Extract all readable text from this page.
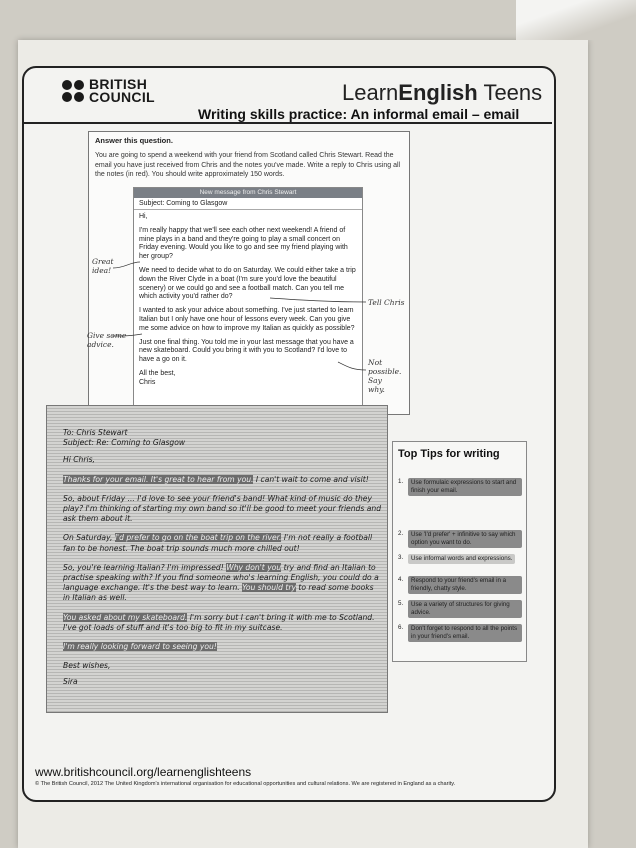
BRITISH
COUNCIL	LearnEnglish Teens
Writing skills practice: An informal email – email
Answer this question.
You are going to spend a weekend with your friend from Scotland called Chris Stewart. Read the email you have just received from Chris and the notes you've made. Write a reply to Chris using all the notes (in red). You should write approximately 150 words.
New message from Chris Stewart
Subject: Coming to Glasgow

Hi,

I'm really happy that we'll see each other next weekend! A friend of mine plays in a band and they're going to play a small concert on Friday evening. Would you like to go and see my friend playing with her group?

We need to decide what to do on Saturday. We could either take a trip down the River Clyde in a boat (I'm sure you'd love the beautiful scenery) or we could go and see a football match. Can you tell me which activity you'd rather do?

I wanted to ask your advice about something. I've just started to learn Italian but I only have one hour of lessons every week. Can you give me some advice on how to improve my Italian as quickly as possible?

Just one final thing. You told me in your last message that you have a new skateboard. Could you bring it with you to Scotland? I'd love to have a go on it.

All the best,

Chris

Great idea!
Tell Chris
Give some advice.
Not possible. Say why.
To: Chris Stewart
Subject: Re: Coming to Glasgow

Hi Chris,

Thanks for your email. It's great to hear from you. I can't wait to come and visit!

So, about Friday ... I'd love to see your friend's band! What kind of music do they play? I'm thinking of starting my own band so it'll be good to meet your friends and ask them about it.

On Saturday, I'd prefer to go on the boat trip on the river. I'm not really a football fan to be honest. The boat trip sounds much more chilled out!

So, you're learning Italian? I'm impressed! Why don't you try and find an Italian to practise speaking with? If you find someone who's learning English, you could do a language exchange. It's the best way to learn. You should try to read some books in Italian as well.

You asked about my skateboard. I'm sorry but I can't bring it with me to Scotland. I've got loads of stuff and it's too big to fit in my suitcase.

I'm really looking forward to seeing you!

Best wishes,

Sira

Top Tips for writing
1.	Use formulaic expressions to start and finish your email.
2.	Use 'I'd prefer' + infinitive to say which option you want to do.
3.	Use informal words and expressions.
4.	Respond to your friend's email in a friendly, chatty style.
5.	Use a variety of structures for giving advice.
6.	Don't forget to respond to all the points in your friend's email.
www.britishcouncil.org/learnenglishteens
© The British Council, 2012 The United Kingdom's international organisation for educational opportunities and cultural relations. We are registered in England as a charity.
